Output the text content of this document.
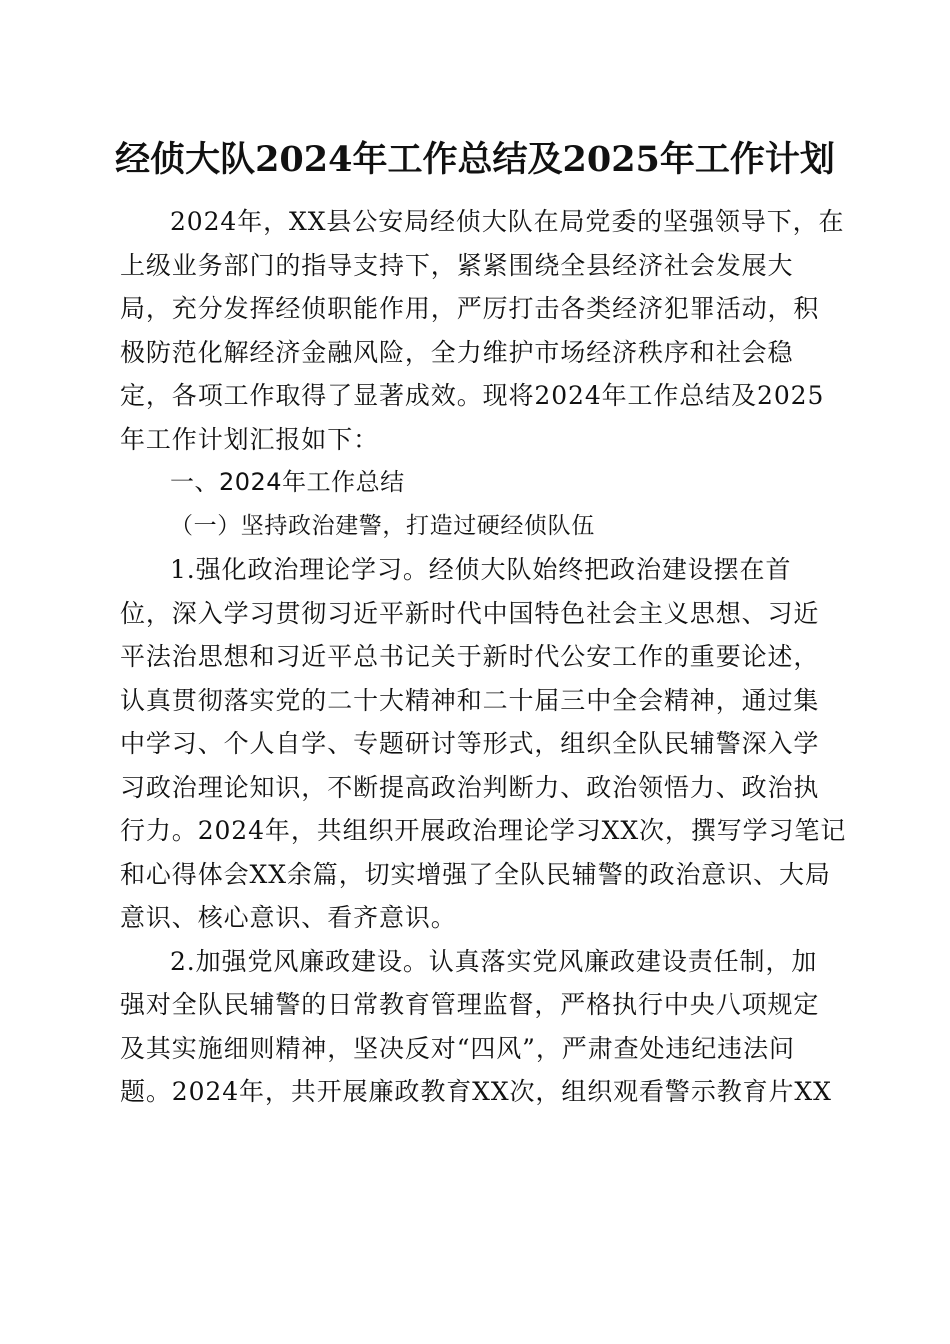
经侦大队2024年工作总结及2025年工作计划
2024年，XX县公安局经侦大队在局党委的坚强领导下，在
上级业务部门的指导支持下，紧紧围绕全县经济社会发展大
局，充分发挥经侦职能作用，严厉打击各类经济犯罪活动，积
极防范化解经济金融风险，全力维护市场经济秩序和社会稳
定，各项工作取得了显著成效。现将2024年工作总结及2025
年工作计划汇报如下：
一、2024年工作总结
（一）坚持政治建警，打造过硬经侦队伍
1.强化政治理论学习。经侦大队始终把政治建设摆在首
位，深入学习贯彻习近平新时代中国特色社会主义思想、习近
平法治思想和习近平总书记关于新时代公安工作的重要论述，
认真贯彻落实党的二十大精神和二十届三中全会精神，通过集
中学习、个人自学、专题研讨等形式，组织全队民辅警深入学
习政治理论知识，不断提高政治判断力、政治领悟力、政治执
行力。2024年，共组织开展政治理论学习XX次，撰写学习笔记
和心得体会XX余篇，切实增强了全队民辅警的政治意识、大局
意识、核心意识、看齐意识。
2.加强党风廉政建设。认真落实党风廉政建设责任制，加
强对全队民辅警的日常教育管理监督，严格执行中央八项规定
及其实施细则精神，坚决反对“四风”，严肃查处违纪违法问
题。2024年，共开展廉政教育XX次，组织观看警示教育片XX
